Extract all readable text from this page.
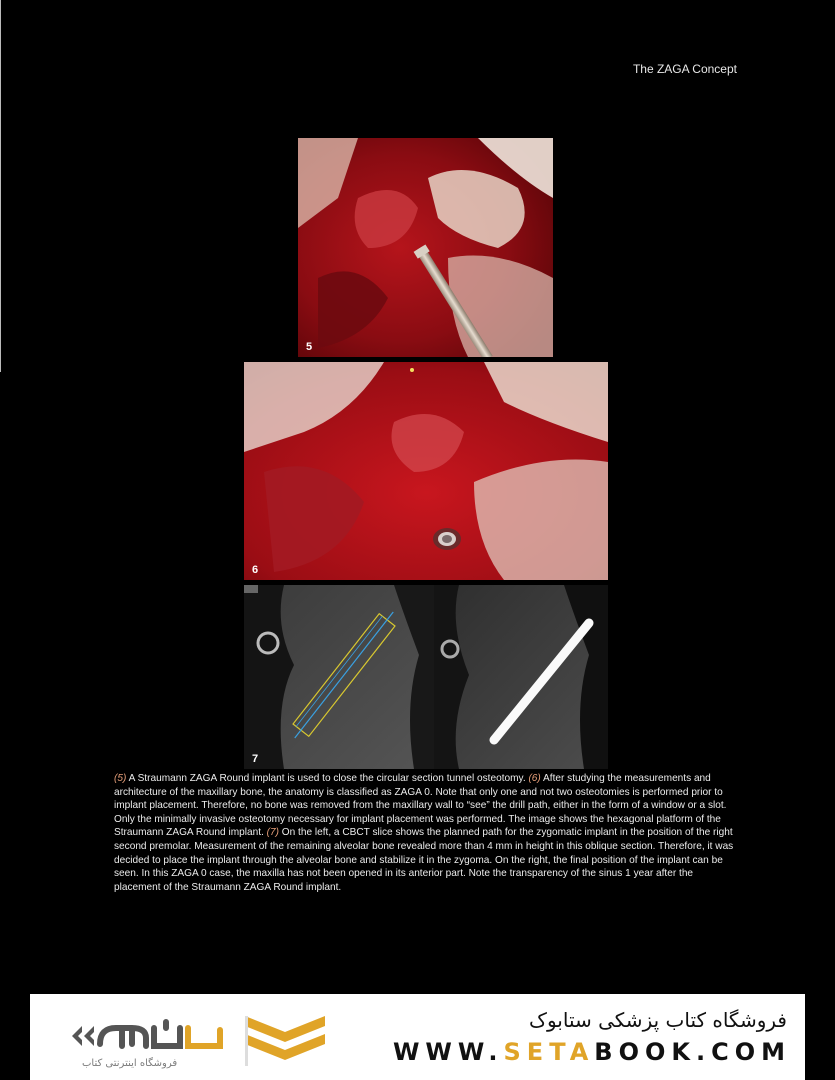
The ZAGA Concept
5
6
7
(5) A Straumann ZAGA Round implant is used to close the circular section tunnel osteotomy. (6) After studying the measurements and architecture of the maxillary bone, the anatomy is classified as ZAGA 0. Note that only one and not two osteotomies is performed prior to implant placement. Therefore, no bone was removed from the maxillary wall to “see” the drill path, either in the form of a window or a slot. Only the minimally invasive osteotomy necessary for implant placement was performed. The image shows the hexagonal platform of the Straumann ZAGA Round implant. (7) On the left, a CBCT slice shows the planned path for the zygomatic implant in the position of the right second premolar. Measurement of the remaining alveolar bone revealed more than 4 mm in height in this oblique section. Therefore, it was decided to place the implant through the alveolar bone and stabilize it in the zygoma. On the right, the final position of the implant can be seen. In this ZAGA 0 case, the maxilla has not been opened in its anterior part. Note the transparency of the sinus 1 year after the placement of the Straumann ZAGA Round implant.
فروشگاه کتاب پزشکی ستابوک
WWW.SETABOOK.COM
فروشگاه اینترنتی کتاب
